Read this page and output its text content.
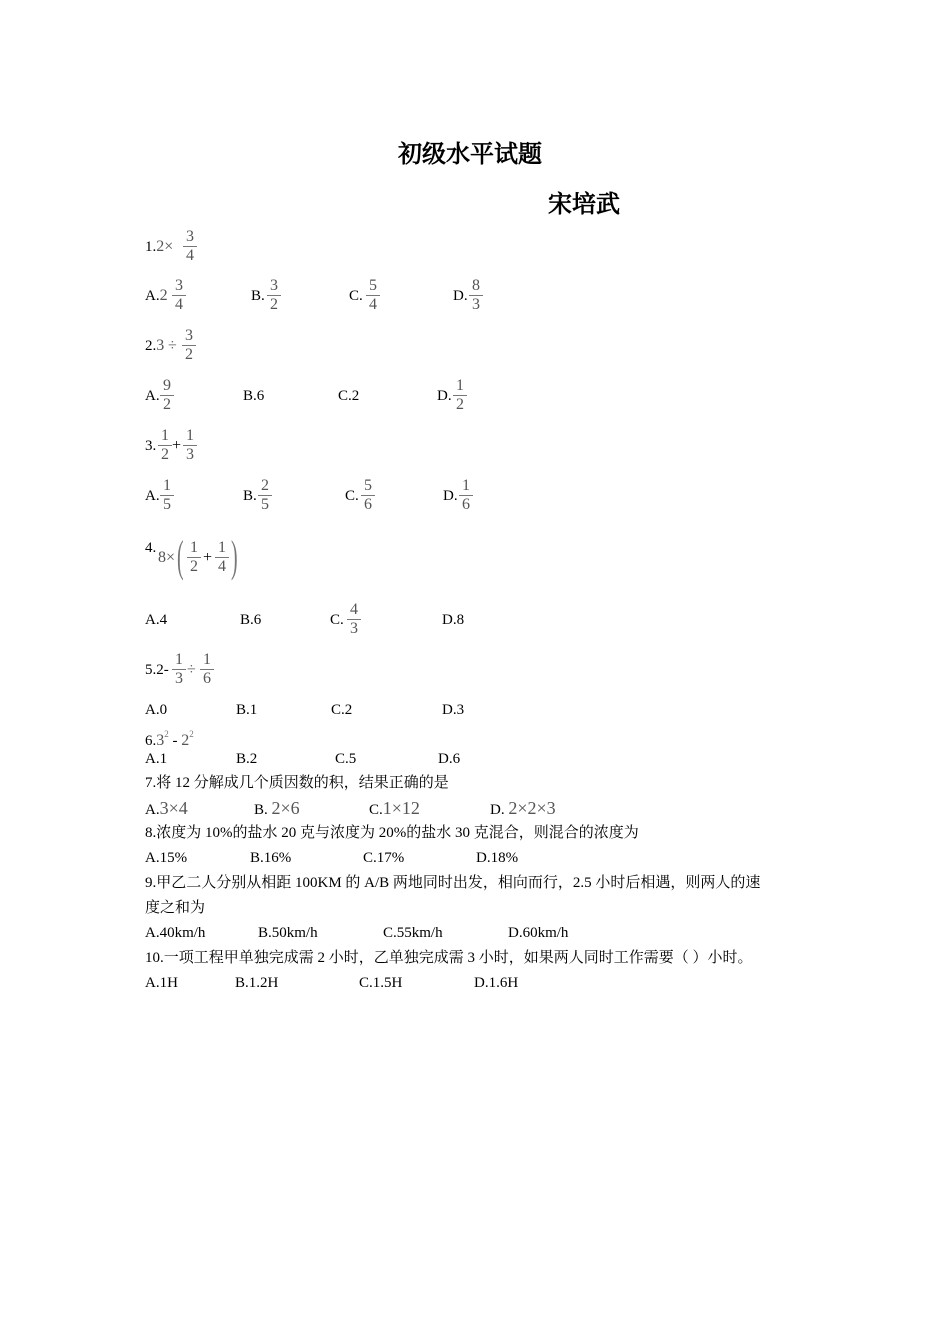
初级水平试题
宋培武
$1.2\times \frac{3}{4}$
$A.2 \frac{3}{4}$	B. $\frac{3}{2}$	C. $\frac{5}{4}$	D. $\frac{8}{3}$
$2.3 \div \frac{3}{2}$
A. $\frac{9}{2}$	B.6	C.2	D. $\frac{1}{2}$
3. $\frac{1}{2} + \frac{1}{3}$
A. $\frac{1}{5}$	B. $\frac{2}{5}$	C. $\frac{5}{6}$	D. $\frac{1}{6}$
4.
8× ( $\frac{1}{2} + \frac{1}{4}$ )
A.4	B.6	C. $\frac{4}{3}$	D.8
$5.2- \frac{1}{3} \div \frac{1}{6}$
A.0	B.1	C.2	D.3
$6.3^2 - 2^2$
A.1	B.2	C.5	D.6
7.将 12 分解成几个质因数的积，结果正确的是
A.3×4	B. 2×6	C.1×12	D. 2×2×3
8.浓度为 10%的盐水 20 克与浓度为 20%的盐水 30 克混合，则混合的浓度为
A.15%	B.16%	C.17%	D.18%
9.甲乙二人分别从相距 100KM 的 A/B 两地同时出发，相向而行，2.5 小时后相遇，则两人的速
度之和为
A.40km/h	B.50km/h	C.55km/h	D.60km/h
10.一项工程甲单独完成需 2 小时，乙单独完成需 3 小时，如果两人同时工作需要（ ）小时。
A.1H	B.1.2H	C.1.5H	D.1.6H
